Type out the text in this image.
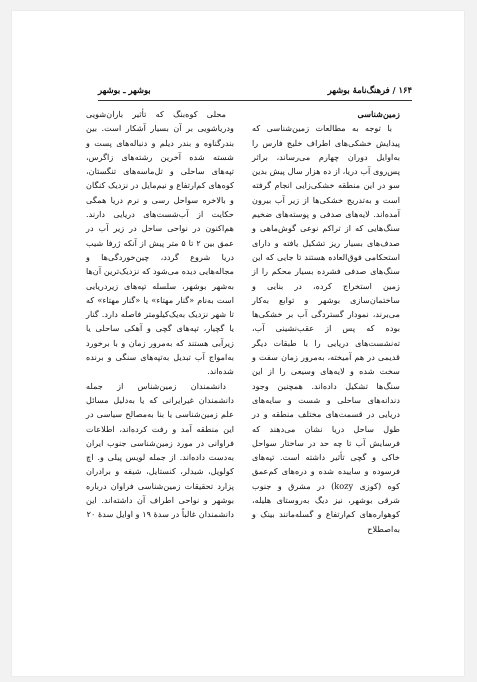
۱۶۴ / فرهنگ‌نامهٔ بوشهر
بوشهر ـ بوشهر

زمین‌شناسی

با توجه به مطالعات زمین‌شناسی که پیدایش خشکی‌های اطراف خلیج فارس را به‌اوایل دوران چهارم می‌رساند، براثر پس‌روی آب دریا، از ده هزار سال پیش بدین سو در این منطقه خشکی‌زایی انجام گرفته است و به‌تدریج خشکی‌ها از زیر آب بیرون آمده‌اند. لایه‌های صدفی و پوسته‌های ضخیم سنگ‌هایی که از تراکم نوعی گوش‌ماهی و صدف‌های بسیار ریز تشکیل یافته و دارای استحکامی فوق‌العاده هستند تا جایی که این سنگ‌های صدفی فشرده بسیار محکم را از زمین استخراج کرده، در بنایی و ساختمان‌سازی بوشهر و توابع به‌کار می‌برند، نمودار گستردگی آب بر خشکی‌ها بوده که پس از عقب‌نشینی آب، ته‌نشست‌های دریایی را با طبقات دیگر قدیمی در هم آمیخته، به‌مرور زمان سفت و سخت شده و لایه‌های وسیعی را از این سنگ‌ها تشکیل داده‌اند. همچنین وجود دندانه‌های ساحلی و شست و سایه‌های دریایی در قسمت‌های مختلف منطقه و در طول ساحل دریا نشان می‌دهند که فرسایش آب تا چه حد در ساختار سواحل خاکی و گچی تأثیر داشته است. تپه‌های فرسوده و ساییده شده و دره‌های کم‌عمق کوه (کوزی kozy) در مشرق و جنوب شرقی بوشهر، نیز دیگ به‌روستای هلیله، کوهواره‌های کم‌ارتفاع و گسله‌مانند بینک و به‌اصطلاح

محلی کوه‌بنگ که تأثیر باران‌شویی ودریاشویی بر آن بسیار آشکار است. بین بندرگناوه و بندر دیلم و دنباله‌های پست و شسته شده آخرین رشته‌های زاگرس، تپه‌های ساحلی و تل‌ماسه‌های تنگستان، کوه‌های کم‌ارتفاع و نیم‌مایل در نزدیک کنگان و بالاخره سواحل رسی و نرم دریا همگی حکایت از آب‌شست‌های دریایی دارند. هم‌اکنون در نواحی ساحل در زیر آب در عمق بین ۲ تا ۵ متر پیش از آنکه ژرفا شیب دریا شروع گردد، چین‌خوردگی‌ها و مجاله‌هایی دیده می‌شود که نزدیک‌ترین آن‌ها به‌شهر بوشهر، سلسله تپه‌های زیردریایی است به‌نام «گنار مهتاء» یا «گنار مهتاء» که تا شهر نزدیک به‌یک‌کیلومتر فاصله دارد. گنار یا گچیار، تپه‌های گچی و آهکی ساحلی یا زیرآبی هستند که به‌مرور زمان و با برخورد به‌امواج آب تبدیل به‌تپه‌های سنگی و برنده شده‌اند.

دانشمندان زمین‌شناس از جمله دانشمندان غیرایرانی که یا به‌دلیل مسائل علم زمین‌شناسی یا بنا به‌مصالح سیاسی در این منطقه آمد و رفت کرده‌اند، اطلاعات فراوانی در مورد زمین‌شناسی جنوب ایران به‌دست داده‌اند. از جمله لویس پیلی و. اچ کولویل، شیدلر، کنستایل، شیفه و برادران پزارد تحقیقات زمین‌شناسی فراوان درباره بوشهر و نواحی اطراف آن داشته‌اند. این دانشمندان غالباً در سدهٔ ۱۹ و اوایل سدهٔ ۲۰
